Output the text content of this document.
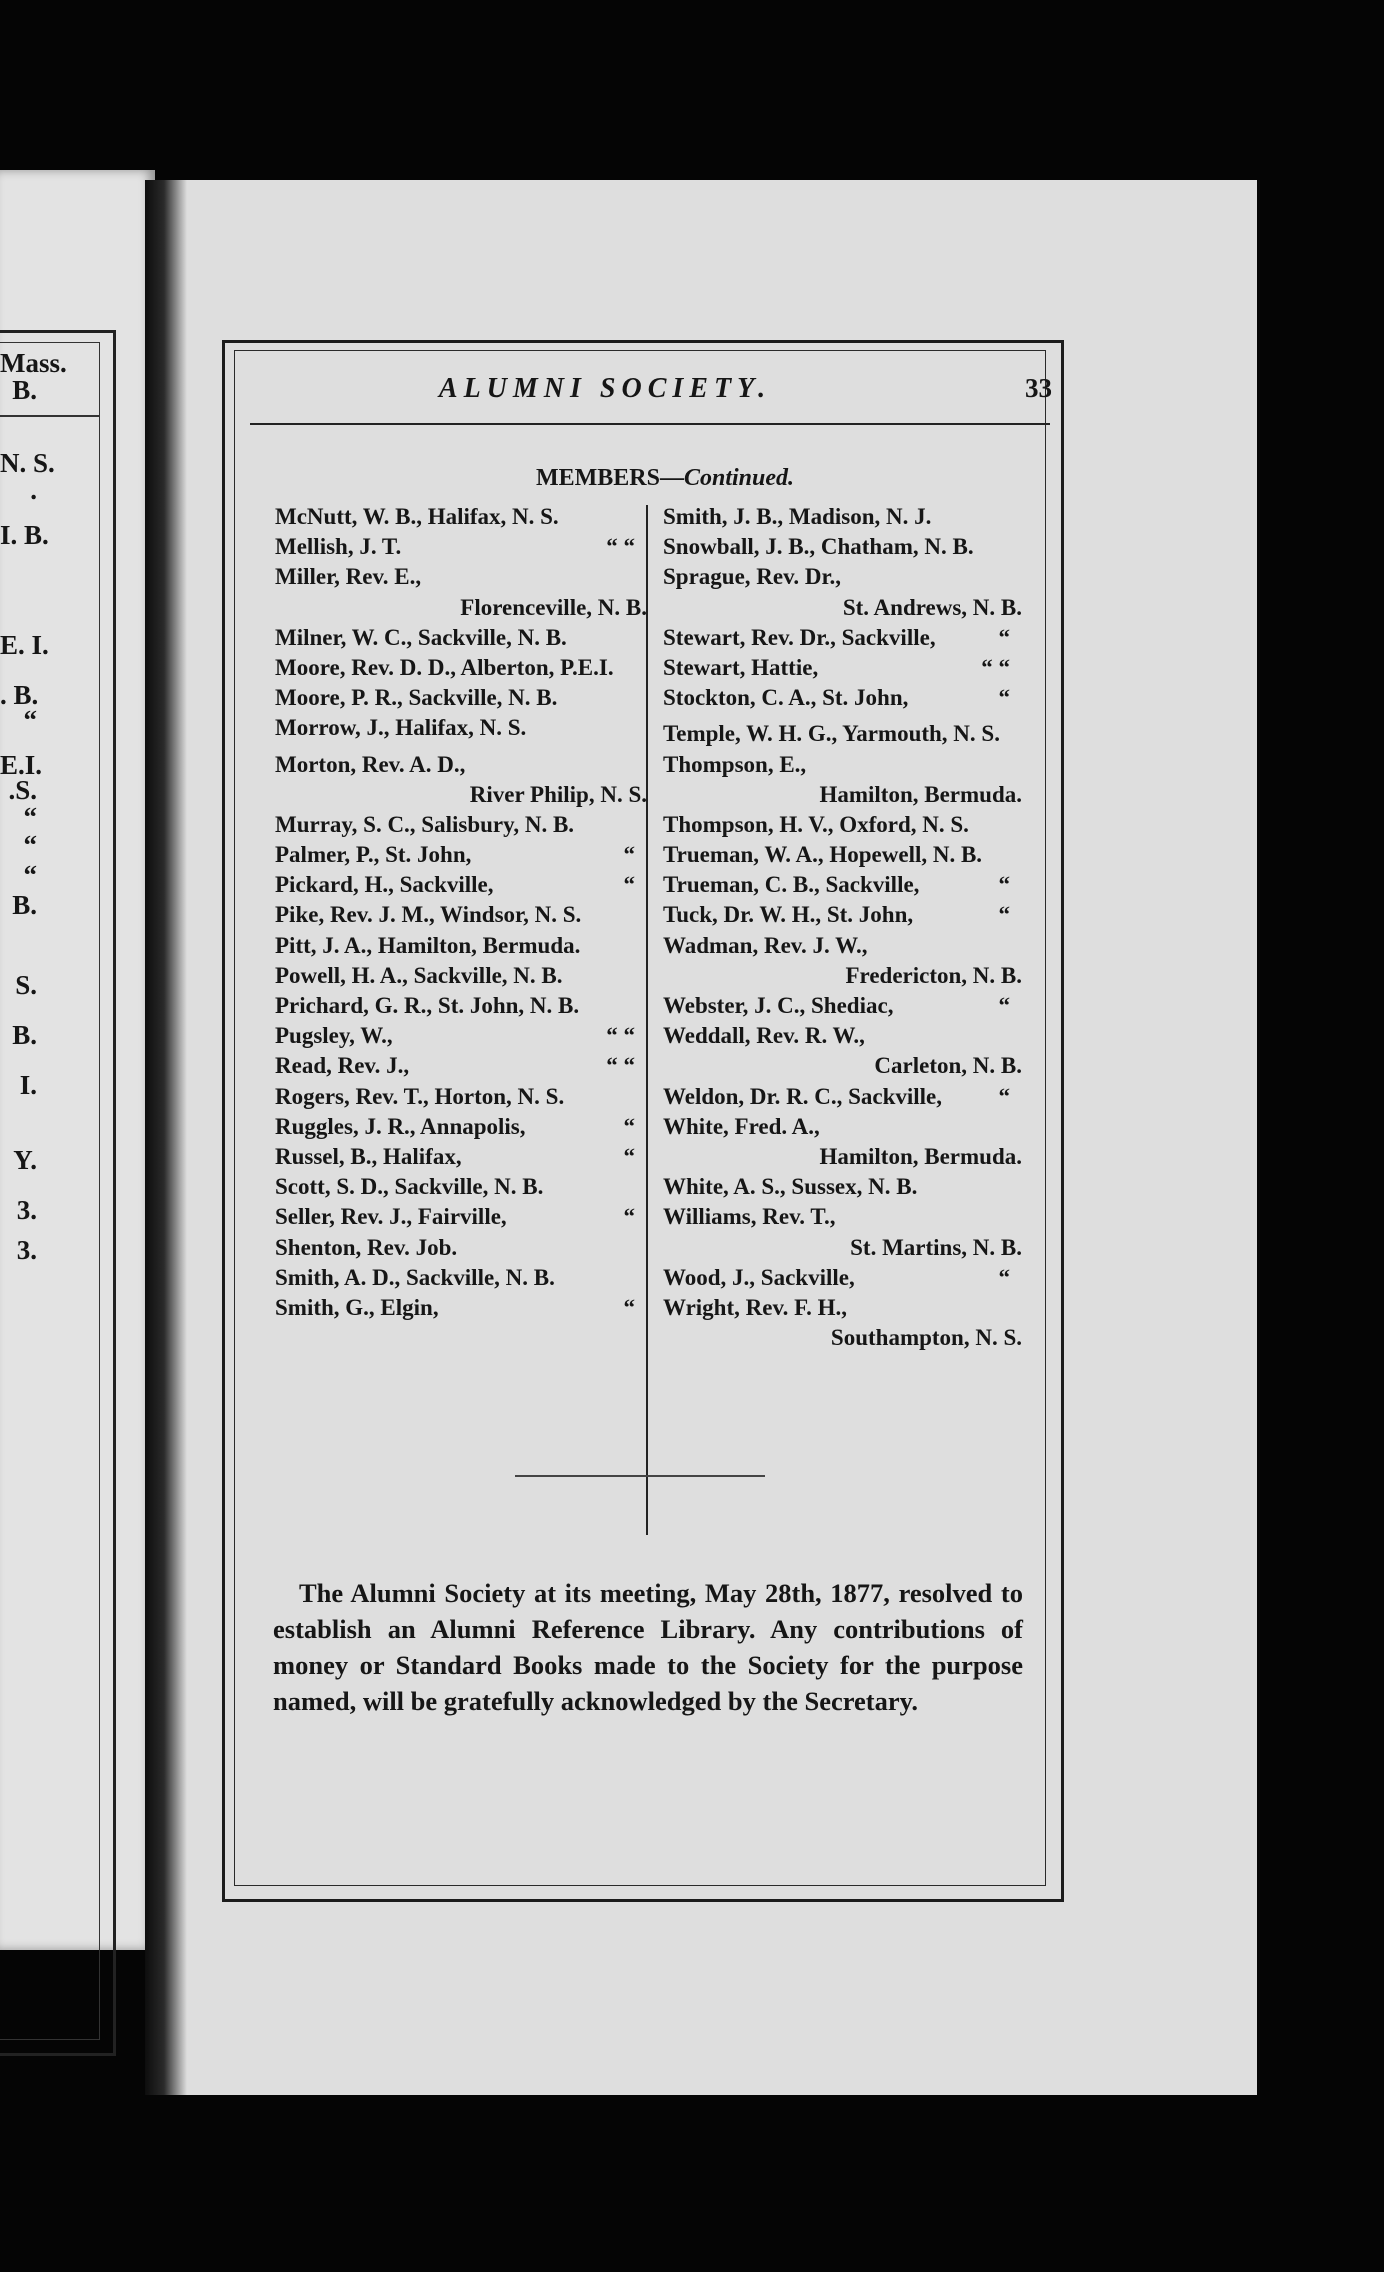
Mass.
B.
N. S.
.
I. B.
E. I.
. B.
“
E.I.
.S.
“
“
“
B.
S.
B.
I.
Y.
3.
3.
ALUMNI SOCIETY.	33
MEMBERS—Continued.
McNutt, W. B., Halifax, N. S.
Mellish, J. T.	“ “
Miller, Rev. E.,
Florenceville, N. B.
Milner, W. C., Sackville, N. B.
Moore, Rev. D. D., Alberton, P.E.I.
Moore, P. R., Sackville, N. B.
Morrow, J., Halifax, N. S.
Morton, Rev. A. D.,
River Philip, N. S.
Murray, S. C., Salisbury, N. B.
Palmer, P., St. John,	“
Pickard, H., Sackville,	“
Pike, Rev. J. M., Windsor, N. S.
Pitt, J. A., Hamilton, Bermuda.
Powell, H. A., Sackville, N. B.
Prichard, G. R., St. John, N. B.
Pugsley, W.,	“ “
Read, Rev. J.,	“ “
Rogers, Rev. T., Horton, N. S.
Ruggles, J. R., Annapolis,	“
Russel, B., Halifax,	“
Scott, S. D., Sackville, N. B.
Seller, Rev. J., Fairville,	“
Shenton, Rev. Job.
Smith, A. D., Sackville, N. B.
Smith, G., Elgin,	“
Smith, J. B., Madison, N. J.
Snowball, J. B., Chatham, N. B.
Sprague, Rev. Dr.,
St. Andrews, N. B.
Stewart, Rev. Dr., Sackville,	“
Stewart, Hattie,	“ “
Stockton, C. A., St. John,	“
Temple, W. H. G., Yarmouth, N. S.
Thompson, E.,
Hamilton, Bermuda.
Thompson, H. V., Oxford, N. S.
Trueman, W. A., Hopewell, N. B.
Trueman, C. B., Sackville,	“
Tuck, Dr. W. H., St. John,	“
Wadman, Rev. J. W.,
Fredericton, N. B.
Webster, J. C., Shediac,	“
Weddall, Rev. R. W.,
Carleton, N. B.
Weldon, Dr. R. C., Sackville, “
White, Fred. A.,
Hamilton, Bermuda.
White, A. S., Sussex, N. B.
Williams, Rev. T.,
St. Martins, N. B.
Wood, J., Sackville,	“
Wright, Rev. F. H.,
Southampton, N. S.

The Alumni Society at its meeting, May 28th, 1877, resolved to establish an Alumni Reference Library. Any contributions of money or Standard Books made to the Society for the purpose named, will be gratefully acknowledged by the Secretary.
